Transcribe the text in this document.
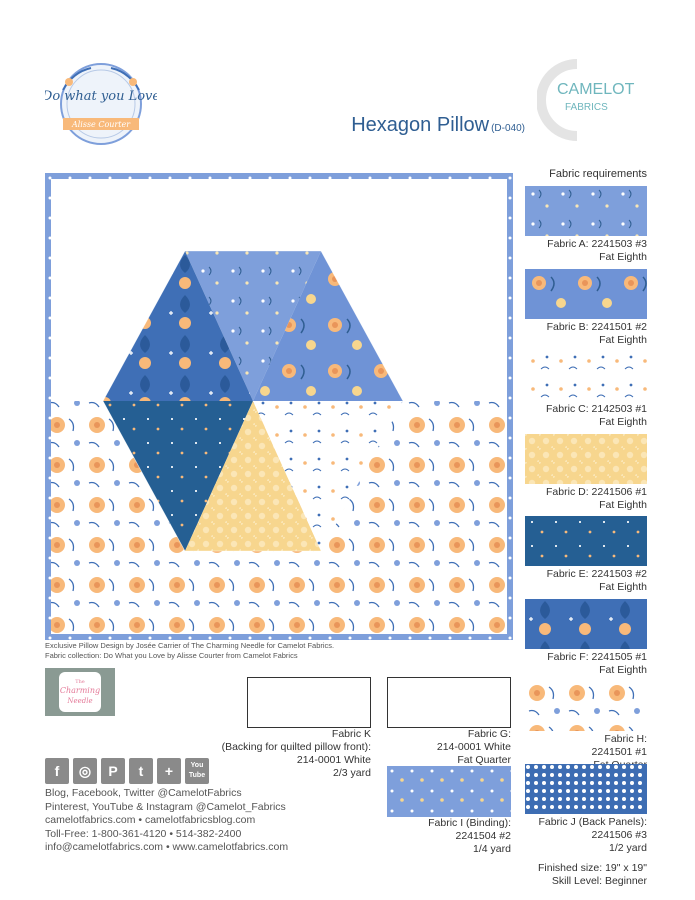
Do what you Love
Alisse Courter
CAMELOT
FABRICS
Hexagon Pillow (D-040)
Fabric requirements
Fabric A: 2241503 #3
Fat Eighth
Fabric B: 2241501 #2
Fat Eighth
Fabric C: 2142503 #1
Fat Eighth
Fabric D: 2241506 #1
Fat Eighth
Fabric E: 2241503 #2
Fat Eighth
Fabric F: 2241505 #1
Fat Eighth
Fabric H:
2241501 #1
Fabric J (Back Panels):
2241506 #3
1/2 yard
Exclusive Pillow Design by Josée Carrier of The Charming Needle for Camelot Fabrics.
Fabric collection: Do What you Love by Alisse Courter from Camelot Fabrics
The
Charming
Needle
Fabric K
(Backing for quilted pillow front):
214-0001 White
2/3 yard
Fabric G:
214-0001 White
Fat Quarter
Fabric I (Binding):
2241504 #2
1/4 yard
f	◎	P	t	+	You Tube
Blog, Facebook, Twitter @CamelotFabrics
Pinterest, YouTube & Instagram @Camelot_Fabrics
camelotfabrics.com • camelotfabricsblog.com
Toll-Free: 1-800-361-4120 • 514-382-2400
info@camelotfabrics.com • www.camelotfabrics.com
Finished size: 19" x 19"
Skill Level: Beginner
